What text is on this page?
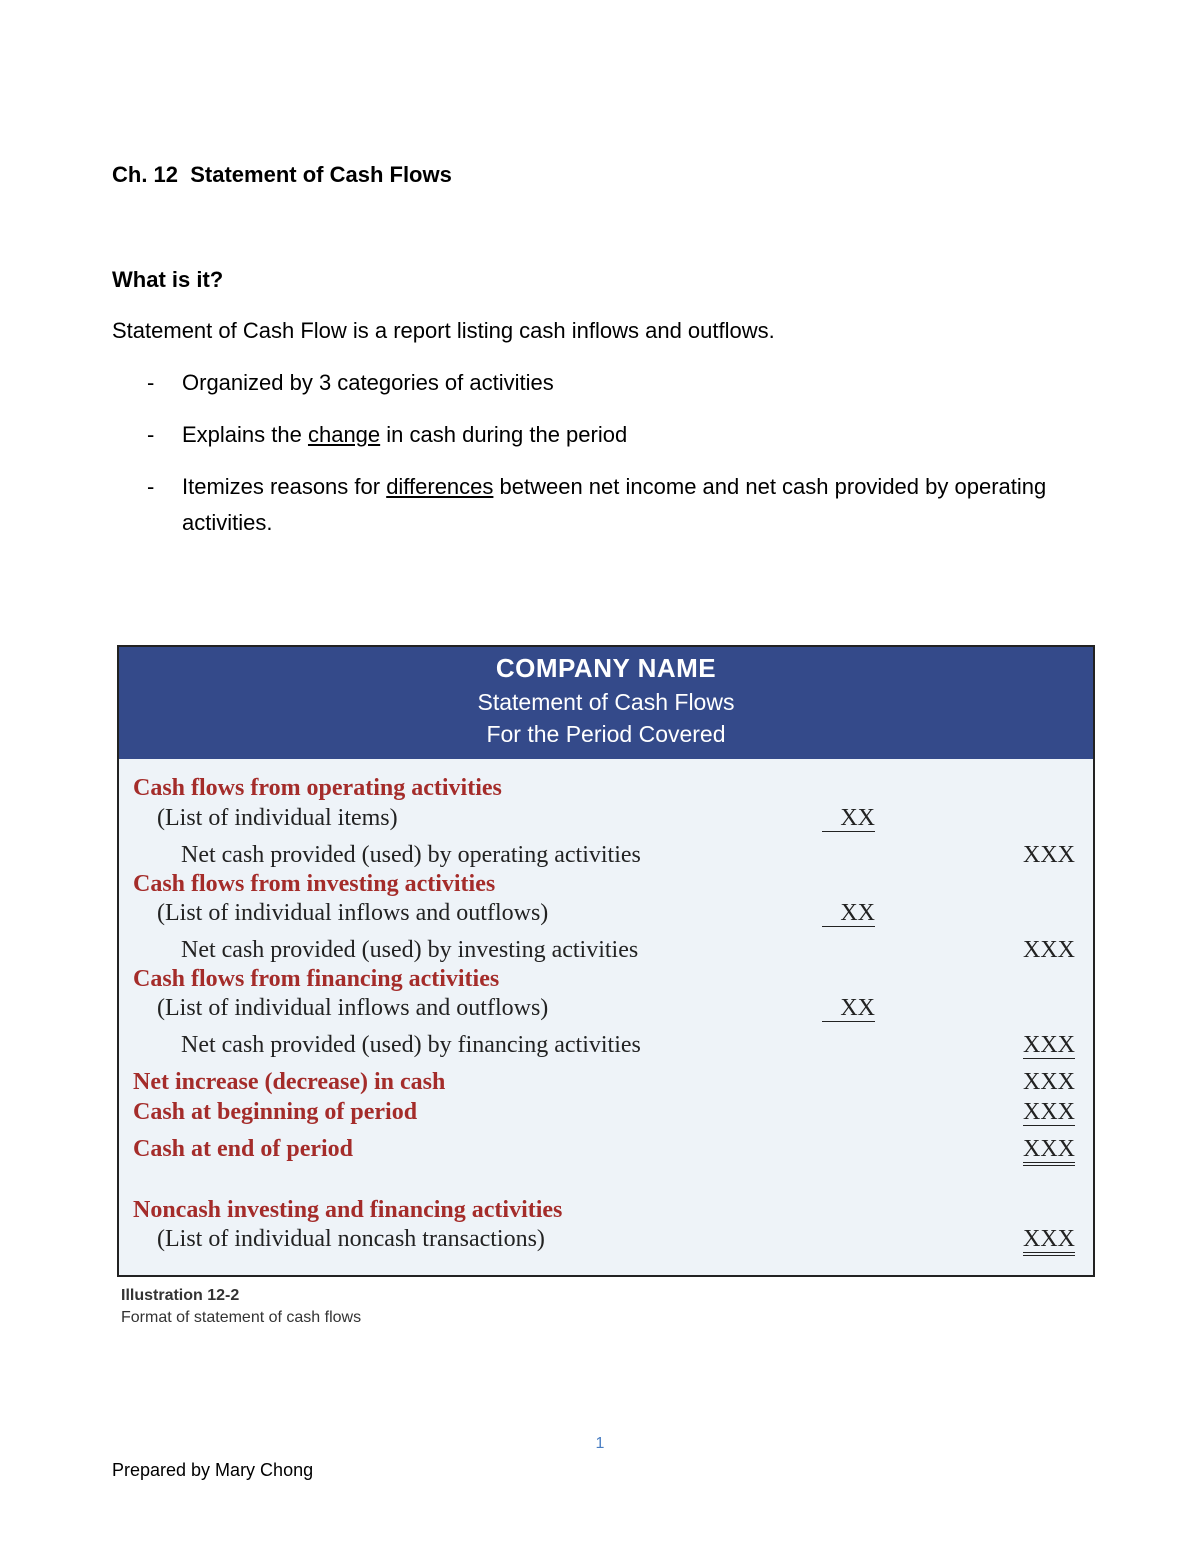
Ch. 12  Statement of Cash Flows
What is it?
Statement of Cash Flow is a report listing cash inflows and outflows.
- Organized by 3 categories of activities
- Explains the change in cash during the period
- Itemizes reasons for differences between net income and net cash provided by operating activities.
COMPANY NAME
Statement of Cash Flows
For the Period Covered
Cash flows from operating activities
(List of individual items)	XX
Net cash provided (used) by operating activities	XXX
Cash flows from investing activities
(List of individual inflows and outflows)	XX
Net cash provided (used) by investing activities	XXX
Cash flows from financing activities
(List of individual inflows and outflows)	XX
Net cash provided (used) by financing activities	XXX
Net increase (decrease) in cash	XXX
Cash at beginning of period	XXX
Cash at end of period	XXX
Noncash investing and financing activities
(List of individual noncash transactions)	XXX
Illustration 12-2
Format of statement of cash flows
1
Prepared by Mary Chong
